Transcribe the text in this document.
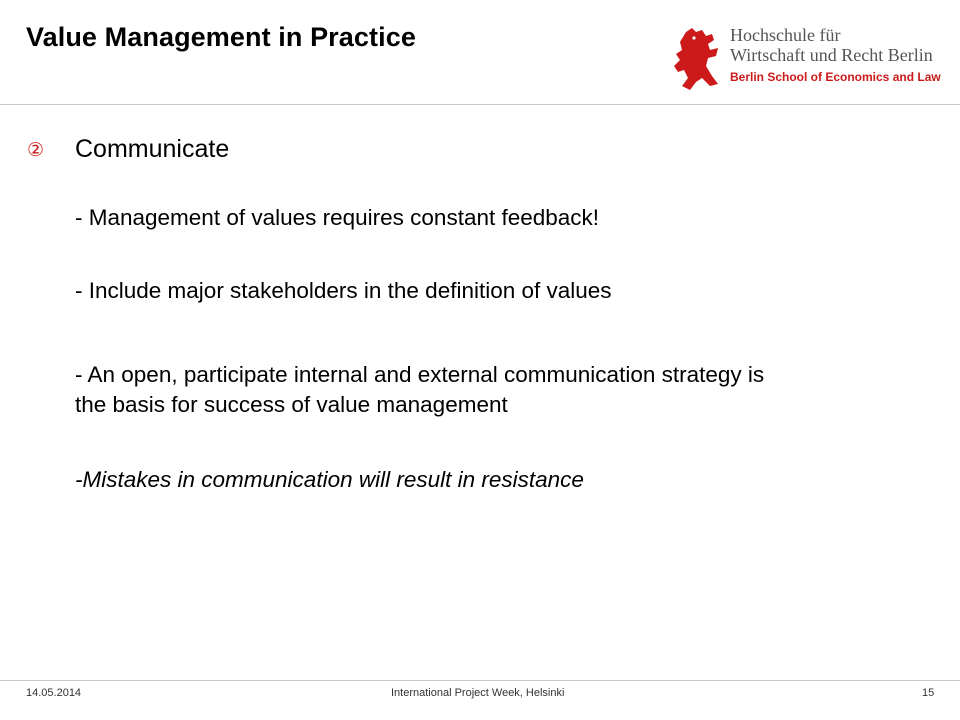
Value Management in Practice	Hochschule für
Wirtschaft und Recht Berlin
Berlin School of Economics and Law
② Communicate
- Management of values requires constant feedback!
- Include major stakeholders in the definition of values
- An open, participate internal and external communication strategy is
the basis for success of value management
-Mistakes in communication will result in resistance
14.05.2014	International Project Week, Helsinki	15
